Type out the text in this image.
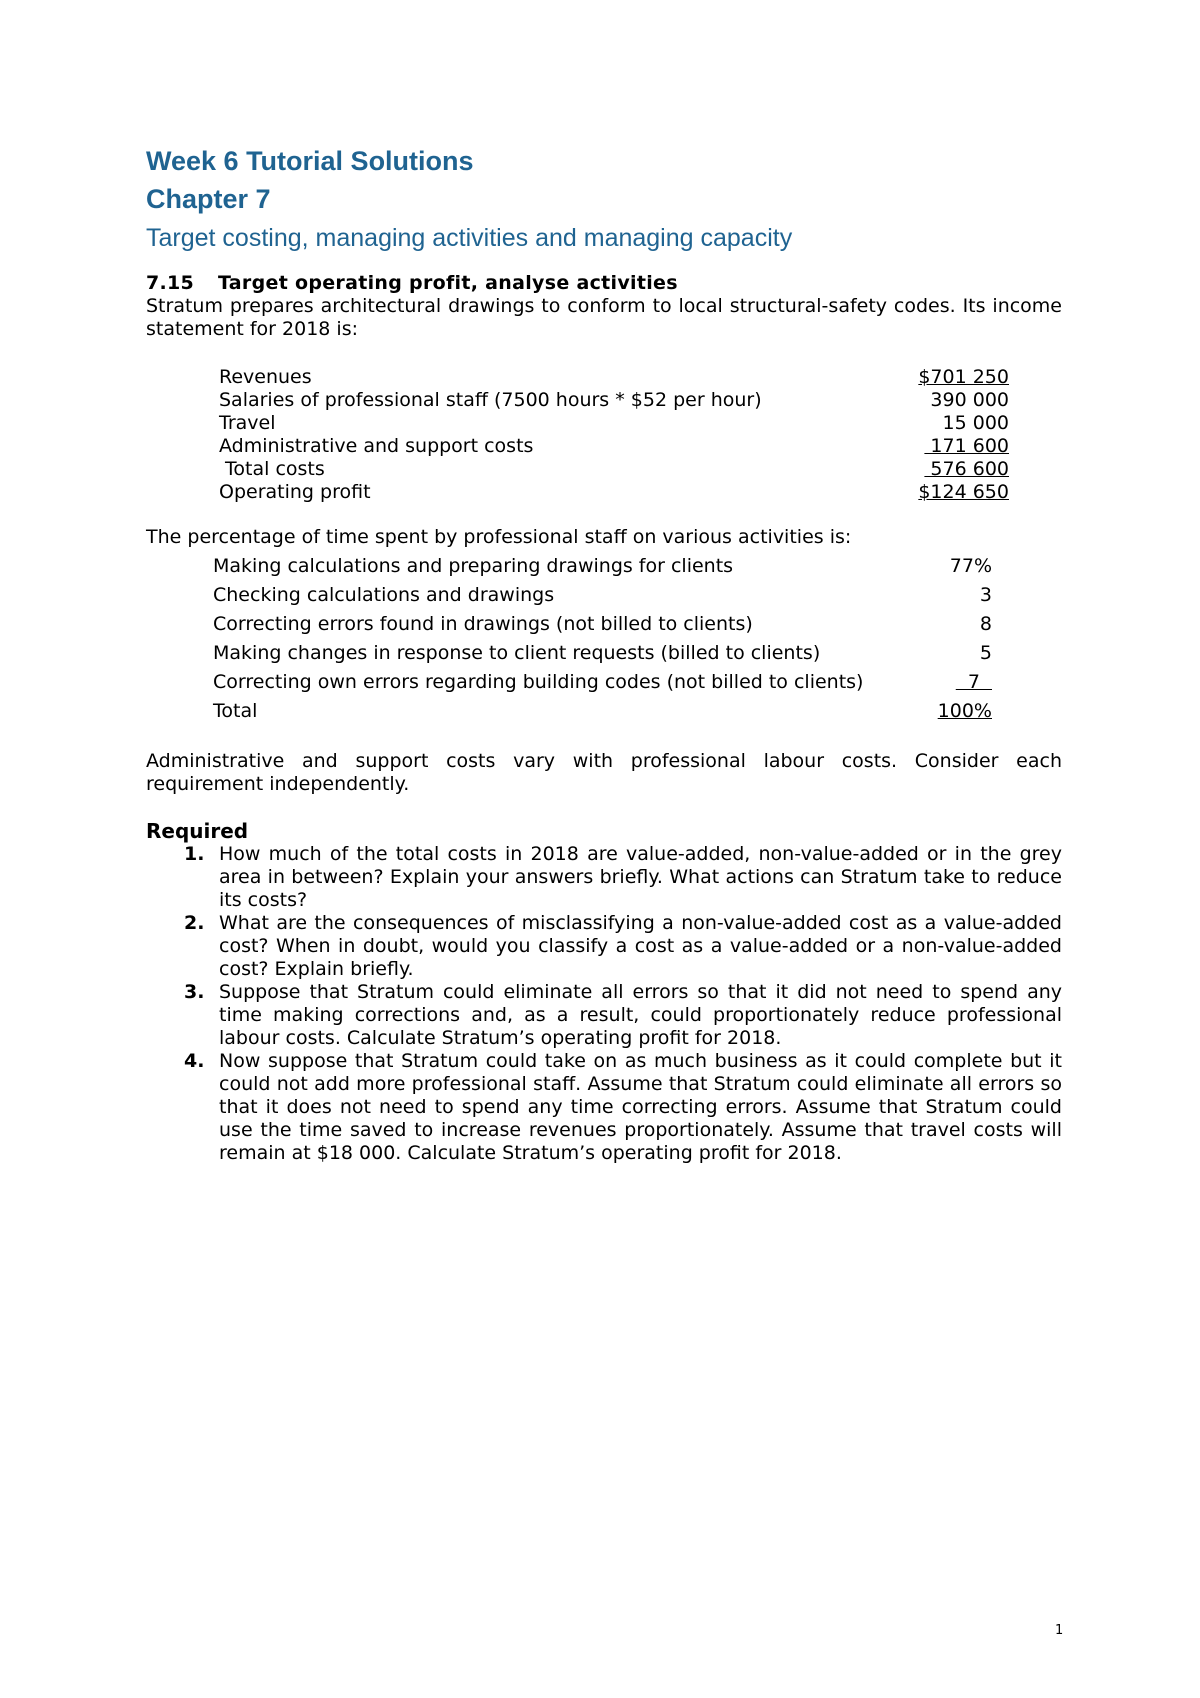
Week 6 Tutorial Solutions
Chapter 7
Target costing, managing activities and managing capacity
7.15 Target operating profit, analyse activities
Stratum prepares architectural drawings to conform to local structural-safety codes. Its income statement for 2018 is:
Revenues	$701 250
Salaries of professional staff (7500 hours * $52 per hour)	390 000
Travel	15 000
Administrative and support costs	171 600
Total costs	576 600
Operating profit	$124 650
The percentage of time spent by professional staff on various activities is:
Making calculations and preparing drawings for clients	77%
Checking calculations and drawings	3
Correcting errors found in drawings (not billed to clients)	8
Making changes in response to client requests (billed to clients)	5
Correcting own errors regarding building codes (not billed to clients)	7
Total	100%
Administrative and support costs vary with professional labour costs. Consider each requirement independently.
Required
1. How much of the total costs in 2018 are value-added, non-value-added or in the grey area in between? Explain your answers briefly. What actions can Stratum take to reduce its costs?
2. What are the consequences of misclassifying a non-value-added cost as a value-added cost? When in doubt, would you classify a cost as a value-added or a non-value-added cost? Explain briefly.
3. Suppose that Stratum could eliminate all errors so that it did not need to spend any time making corrections and, as a result, could proportionately reduce professional labour costs. Calculate Stratum’s operating profit for 2018.
4. Now suppose that Stratum could take on as much business as it could complete but it could not add more professional staff. Assume that Stratum could eliminate all errors so that it does not need to spend any time correcting errors. Assume that Stratum could use the time saved to increase revenues proportionately. Assume that travel costs will remain at $18 000. Calculate Stratum’s operating profit for 2018.
1
